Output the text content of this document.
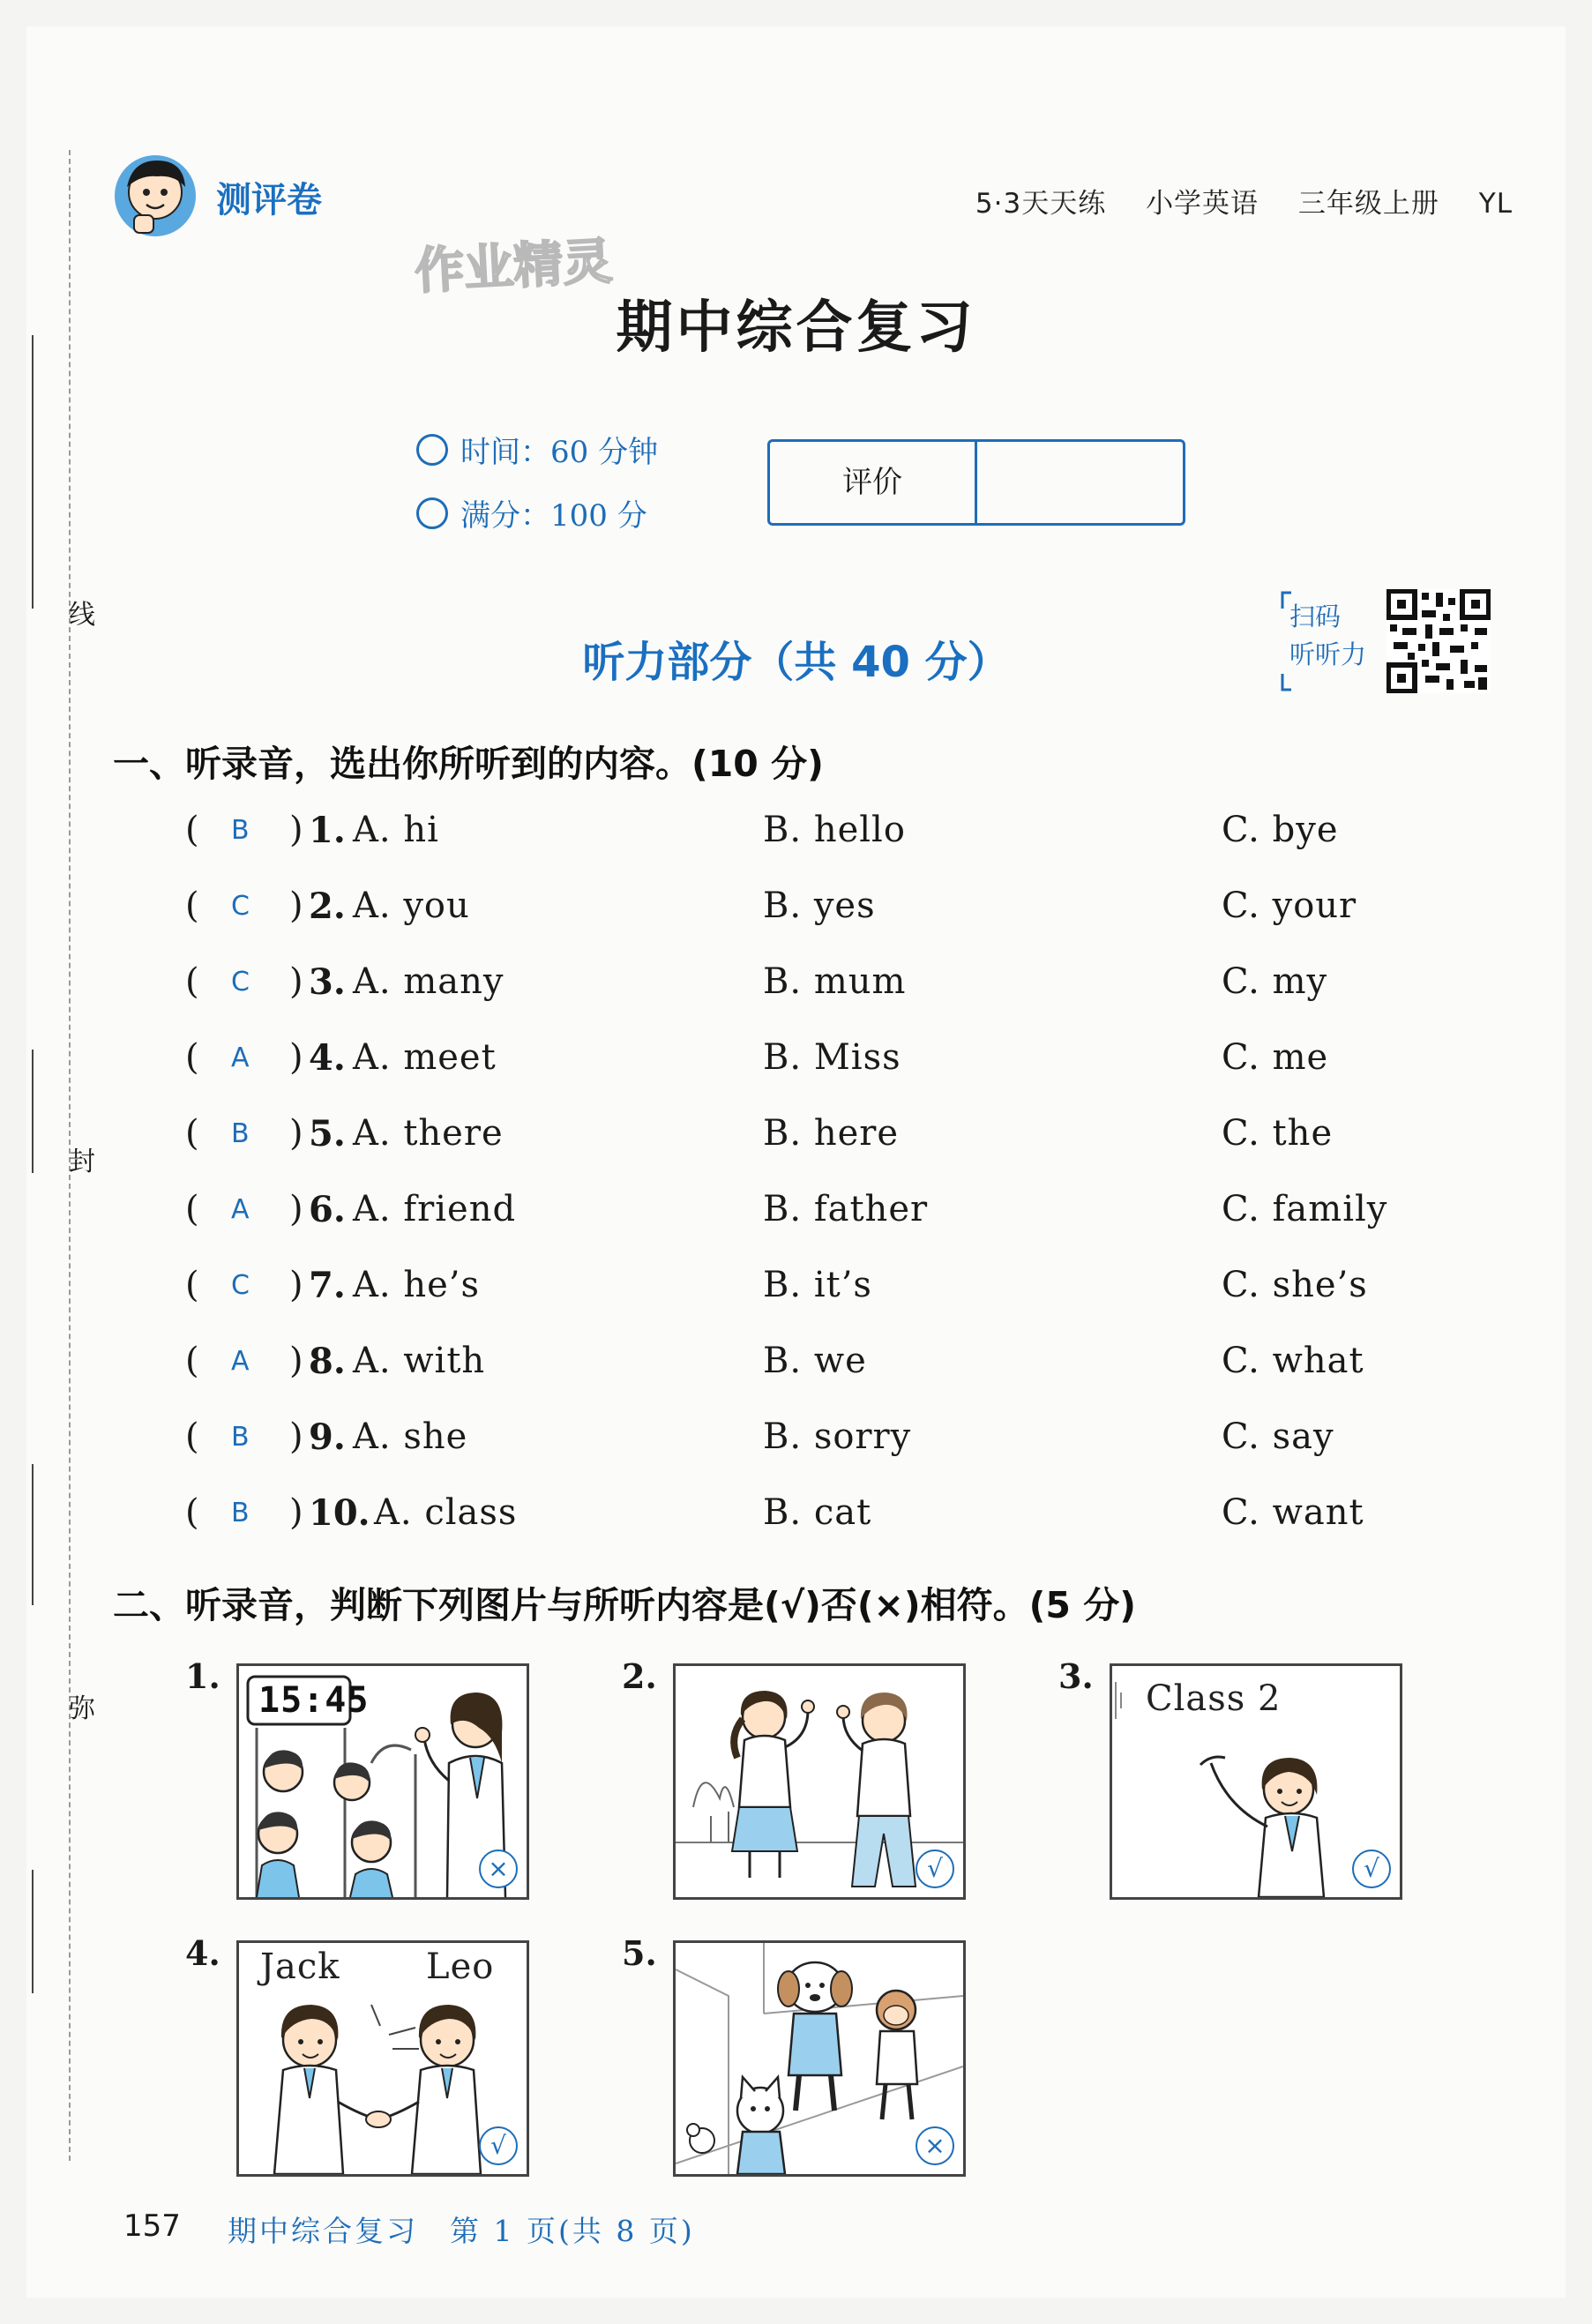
线
封
弥
测评卷	5·3天天练 小学英语 三年级上册 YL
作业精灵
期中综合复习
时间：60 分钟
满分：100 分
评价
听力部分（共 40 分）
扫码
听听力
一、听录音，选出你所听到的内容。(10 分)
( B ) 1. A. hi	B. hello	C. bye
( C ) 2. A. you	B. yes	C. your
( C ) 3. A. many	B. mum	C. my
( A ) 4. A. meet	B. Miss	C. me
( B ) 5. A. there	B. here	C. the
( A ) 6. A. friend	B. father	C. family
( C ) 7. A. he’s	B. it’s	C. she’s
( A ) 8. A. with	B. we	C. what
( B ) 9. A. she	B. sorry	C. say
( B ) 10. A. class	B. cat	C. want
二、听录音，判断下列图片与所听内容是(√)否(×)相符。(5 分)
1.
15:45
×
2.
√
3.
Class 2
√
4. Jack Leo
√
5.
×
157 期中综合复习　第 1 页(共 8 页)
